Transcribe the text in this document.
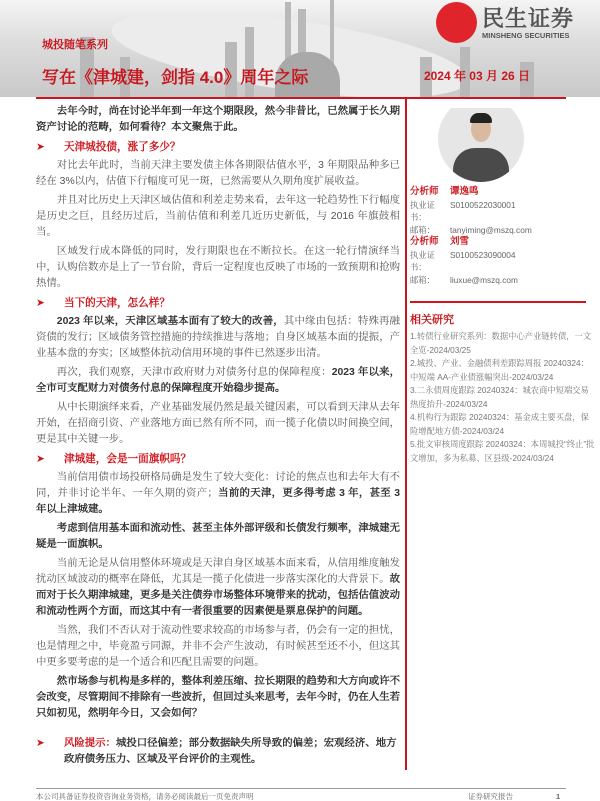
城投随笔系列
写在《津城建，剑指 4.0》周年之际	2024 年 03 月 26 日
民生证券
MINSHENG SECURITIES

去年今时，尚在讨论半年到一年这个期限段，然今非昔比，已然属于长久期资产讨论的范畴，如何看待？本文聚焦于此。

➤	天津城投债，涨了多少？

对比去年此时，当前天津主要发债主体各期限估值水平，3 年期限品种多已经在 3%以内，估值下行幅度可见一斑，已然需要从久期角度扩展收益。

并且对比历史上天津区域估值和利差走势来看，去年这一轮趋势性下行幅度是历史之巨，且经历过后，当前估值和利差几近历史新低，与 2016 年旗鼓相当。

区域发行成本降低的同时，发行期限也在不断拉长。在这一轮行情演绎当中，认购倍数亦是上了一节台阶，背后一定程度也反映了市场的一致预期和抢购热情。

➤	当下的天津，怎么样？

2023 年以来，天津区域基本面有了较大的改善，其中缘由包括：特殊再融资债的发行；区域债务管控措施的持续推进与落地；自身区域基本面的提振，产业基本盘的夯实；区域整体抗动信用环境的事件已然逐步出清。

再次，我们观察，天津市政府财力对债务付息的保障程度：2023 年以来，全市可支配财力对债务付息的保障程度开始稳步提高。

从中长期演绎来看，产业基础发展仍然是最关键因素，可以看到天津从去年开始，在招商引资、产业落地方面已然有所不同，而一揽子化债以时间换空间，更是其中关键一步。

➤	津城建，会是一面旗帜吗？

当前信用债市场投研格局确是发生了较大变化：讨论的焦点也和去年大有不同，并非讨论半年、一年久期的资产；当前的天津，更多得考虑 3 年，甚至 3 年以上津城建。

考虑到信用基本面和流动性、甚至主体外部评级和长债发行频率，津城建无疑是一面旗帜。

当前无论是从信用整体环境或是天津自身区域基本面来看，从信用维度触发扰动区域波动的概率在降低，尤其是一揽子化债进一步落实深化的大背景下。故而对于长久期津城建，更多是关注债券市场整体环境带来的扰动，包括估值波动和流动性两个方面，而这其中有一者很重要的因素便是票息保护的问题。

当然，我们不否认对于流动性要求较高的市场参与者，仍会有一定的担忧，也是情理之中，毕竟盈亏同源，并非不会产生波动，有时候甚至还不小，但这其中更多要考虑的是一个适合和匹配且需要的问题。

然市场参与机构是多样的，整体利差压缩、拉长期限的趋势和大方向或许不会改变，尽管期间不排除有一些波折，但回过头来思考，去年今时，仍在人生若只如初见，然明年今日，又会如何？

➤	风险提示：城投口径偏差；部分数据缺失所导致的偏差；宏观经济、地方政府债务压力、区域及平台评价的主观性。
本公司具备证券投资咨询业务资格，请务必阅读最后一页免责声明	证券研究报告	1
分析师	谭逸鸣
执业证书：
S0100522030001
邮箱：	tanyiming@mszq.com
分析师	刘雪
执业证书：
S0100523090004
邮箱：	liuxue@mszq.com
相关研究
1.转债行业研究系列：数据中心产业链转债，一文全览-2024/03/25
2.城投、产业、金融债利差跟踪周报 20240324：中短端 AA-产业债涨幅突出-2024/03/24
3.二永债周度跟踪 20240324：城农商中短端交易热度抬升-2024/03/24
4.机构行为跟踪 20240324：基金成主要买盘，保险增配地方债-2024/03/24
5.批文审核周度跟踪 20240324：本周城投“终止”批文增加，多为私募、区县级-2024/03/24
